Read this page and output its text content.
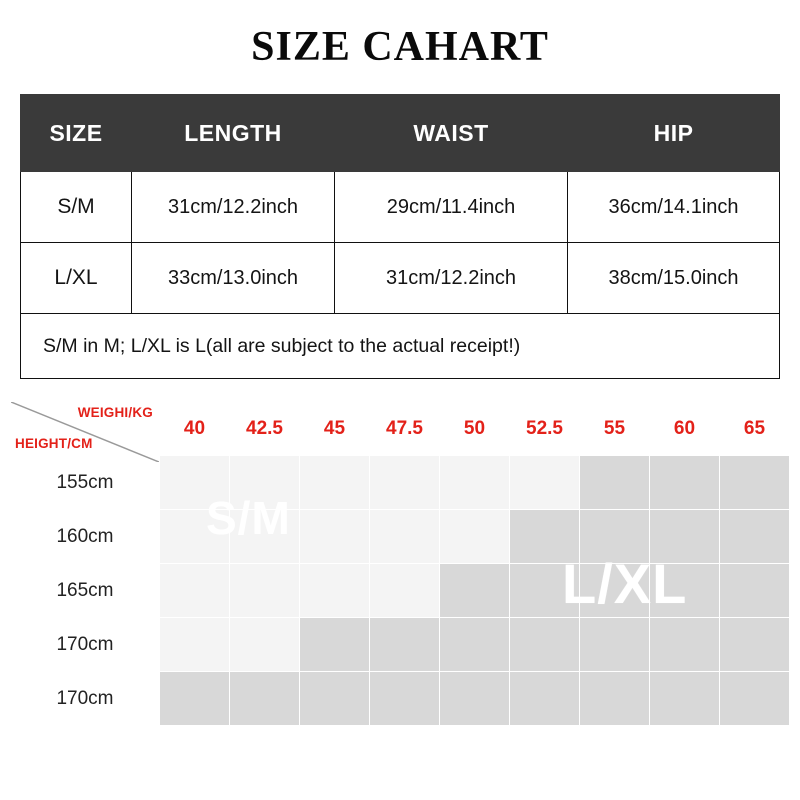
SIZE CAHART
SIZE	LENGTH	WAIST	HIP
S/M	31cm/12.2inch	29cm/11.4inch	36cm/14.1inch
L/XL	33cm/13.0inch	31cm/12.2inch	38cm/15.0inch
S/M in M; L/XL is L(all are subject to the actual receipt!)			
WEIGHI/KG
HEIGHT/CM	40	42.5	45	47.5	50	52.5	55	60	65
155cm									
160cm									
165cm									
170cm									
170cm									
S/M
L/XL
